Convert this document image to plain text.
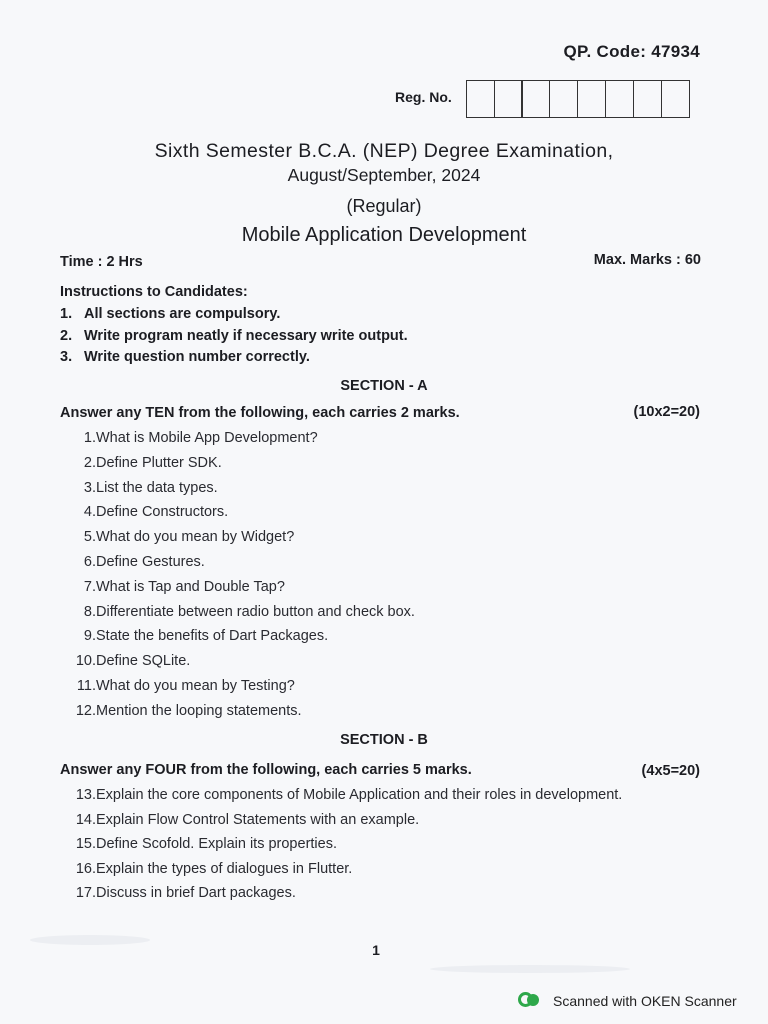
QP. Code: 47934
Reg. No.
Sixth Semester B.C.A. (NEP) Degree Examination,
August/September, 2024
(Regular)
Mobile Application Development
Time : 2 Hrs	Max. Marks : 60
Instructions to Candidates:
1. All sections are compulsory.
2. Write program neatly if necessary write output.
3. Write question number correctly.
SECTION - A
Answer any TEN from the following, each carries 2 marks.	(10x2=20)
1. What is Mobile App Development?
2. Define Plutter SDK.
3. List the data types.
4. Define Constructors.
5. What do you mean by Widget?
6. Define Gestures.
7. What is Tap and Double Tap?
8. Differentiate between radio button and check box.
9. State the benefits of Dart Packages.
10. Define SQLite.
11. What do you mean by Testing?
12. Mention the looping statements.
SECTION - B
Answer any FOUR from the following, each carries 5 marks.	(4x5=20)
13. Explain the core components of Mobile Application and their roles in development.
14. Explain Flow Control Statements with an example.
15. Define Scofold. Explain its properties.
16. Explain the types of dialogues in Flutter.
17. Discuss in brief Dart packages.
1
Scanned with OKEN Scanner
